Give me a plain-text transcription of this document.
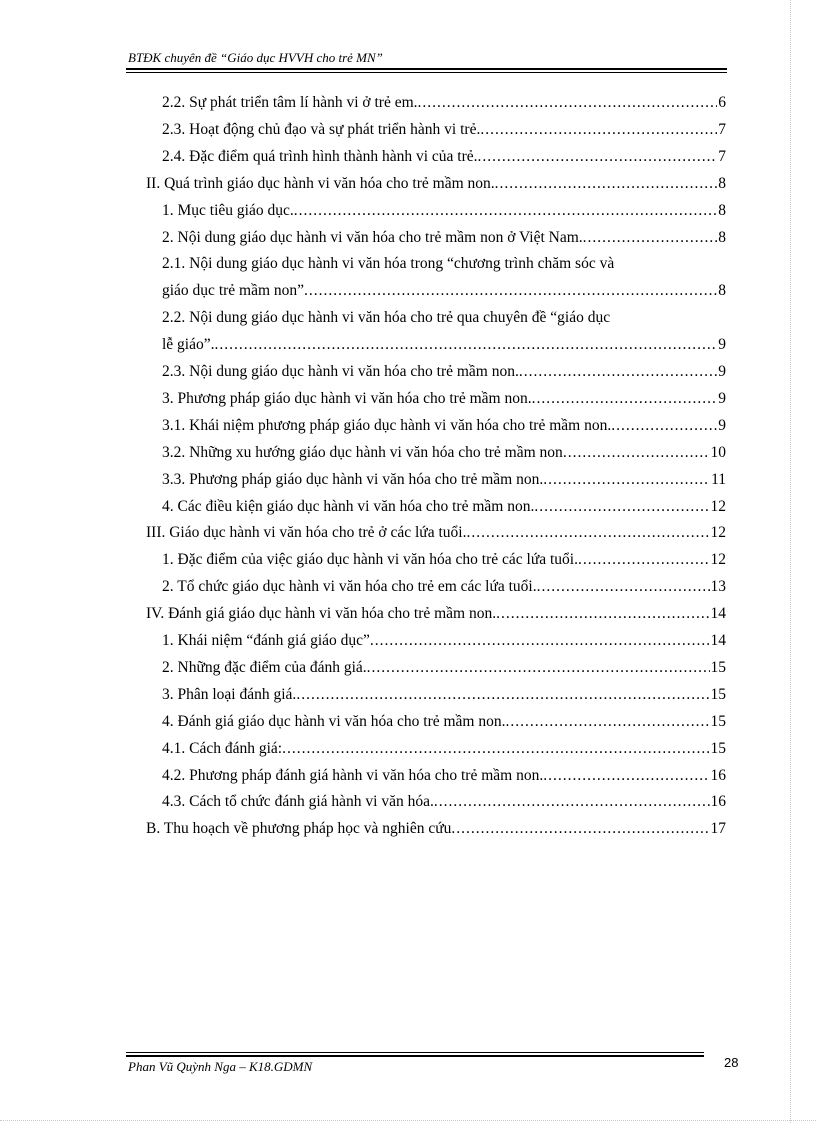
BTĐK chuyên đề “Giáo dục HVVH cho trẻ MN”
2.2. Sự phát triển tâm lí hành vi ở trẻ em. .....	6
2.3. Hoạt động chủ đạo và sự phát triển hành vi trẻ. .....	7
2.4. Đặc điểm quá trình hình thành hành vi của trẻ. .....	7
II. Quá trình giáo dục hành vi văn hóa cho trẻ mầm non. .....	8
1. Mục tiêu giáo dục. .....	8
2. Nội dung giáo dục hành vi văn hóa cho trẻ mầm non ở Việt Nam. .....	8
2.1. Nội dung giáo dục hành vi văn hóa trong “chương trình chăm sóc và
giáo dục trẻ mầm non” .....	8
2.2. Nội dung giáo dục hành vi văn hóa cho trẻ qua chuyên đề “giáo dục
lễ giáo”. .....	9
2.3. Nội dung giáo dục hành vi văn hóa cho trẻ mầm non. .....	9
3. Phương pháp giáo dục hành vi văn hóa cho trẻ mầm non. .....	9
3.1. Khái niệm phương pháp giáo dục hành vi văn hóa cho trẻ mầm non. .....	9
3.2. Những xu hướng giáo dục hành vi văn hóa cho trẻ mầm non .....	10
3.3. Phương pháp giáo dục hành vi văn hóa cho trẻ mầm non. .....	11
4. Các điều kiện giáo dục hành vi văn hóa cho trẻ mầm non. .....	12
III. Giáo dục hành vi văn hóa cho trẻ ở các lứa tuổi. .....	12
1. Đặc điểm của việc giáo dục hành vi văn hóa cho trẻ các lứa tuổi. .....	12
2. Tổ chức giáo dục hành vi văn hóa cho trẻ em các lứa tuổi. .....	13
IV. Đánh giá giáo dục hành vi văn hóa cho trẻ mầm non. .....	14
1. Khái niệm “đánh giá giáo dục” .....	14
2. Những đặc điểm của đánh giá. .....	15
3. Phân loại đánh giá. .....	15
4. Đánh giá giáo dục hành vi văn hóa cho trẻ mầm non. .....	15
4.1. Cách đánh giá: .....	15
4.2. Phương pháp đánh giá hành vi văn hóa cho trẻ mầm non. .....	16
4.3. Cách tổ chức đánh giá hành vi văn hóa. .....	16
B. Thu hoạch về phương pháp học và nghiên cứu .....	17
Phan Vũ Quỳnh Nga – K18.GDMN	28
